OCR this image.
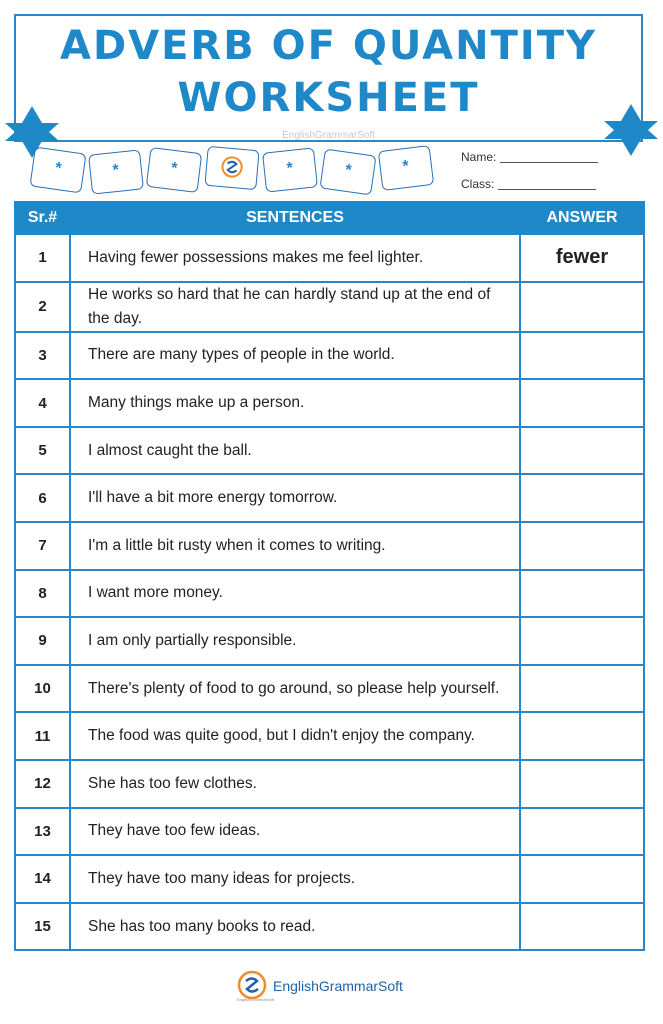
ADVERB OF QUANTITY
WORKSHEET
EnglishGrammarSoft
*	*	*	*	*	*
Name:
Class:
Sr.#	SENTENCES	ANSWER
1	Having fewer possessions makes me feel lighter.	fewer
2	He works so hard that he can hardly stand up at the end of the day.	
3	There are many types of people in the world.	
4	Many things make up a person.	
5	I almost caught the ball.	
6	I'll have a bit more energy tomorrow.	
7	I'm a little bit rusty when it comes to writing.	
8	I want more money.	
9	I am only partially responsible.	
10	There's plenty of food to go around, so please help yourself.	
11	The food was quite good, but I didn't enjoy the company.	
12	She has too few clothes.	
13	They have too few ideas.	
14	They have too many ideas for projects.	
15	She has too many books to read.	
EnglishGrammarSoft
EnglishGrammarSoft
